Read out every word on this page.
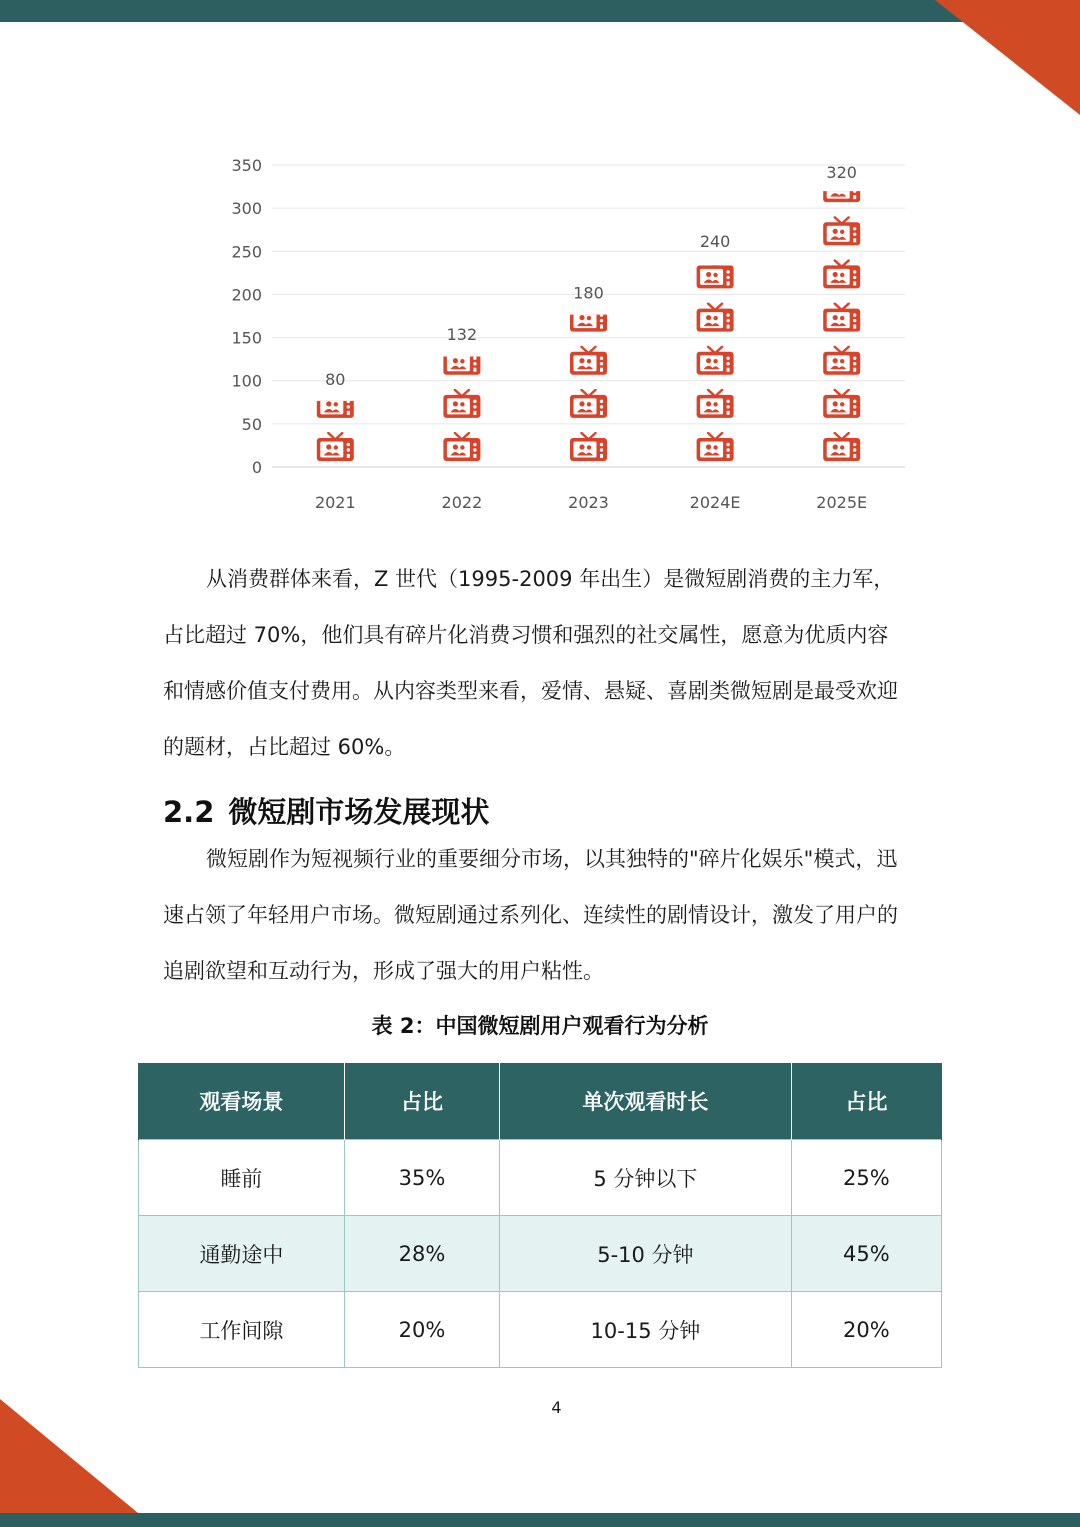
0
50
100
150
200
250
300
350
80
2021
132
2022
180
2023
240
2024E
320
2025E
从消费群体来看，Z 世代（1995-2009 年出生）是微短剧消费的主力军，
占比超过 70%，他们具有碎片化消费习惯和强烈的社交属性，愿意为优质内容
和情感价值支付费用。从内容类型来看，爱情、悬疑、喜剧类微短剧是最受欢迎
的题材，占比超过 60%。
2.2 微短剧市场发展现状
微短剧作为短视频行业的重要细分市场，以其独特的"碎片化娱乐"模式，迅
速占领了年轻用户市场。微短剧通过系列化、连续性的剧情设计，激发了用户的
追剧欲望和互动行为，形成了强大的用户粘性。

表 2：中国微短剧用户观看行为分析

观看场景	占比	单次观看时长	占比
睡前	35%	5 分钟以下	25%
通勤途中	28%	5-10 分钟	45%
工作间隙	20%	10-15 分钟	20%
4
